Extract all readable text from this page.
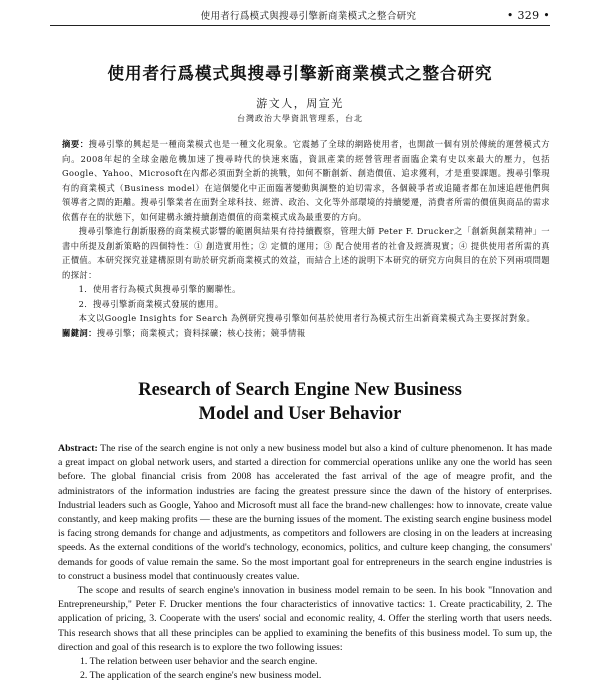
使用者行爲模式與搜尋引擎新商業模式之整合研究	• 329 •
使用者行爲模式與搜尋引擎新商業模式之整合研究
游文人，周宣光
台灣政治大學資訊管理系，台北

摘要：搜尋引擎的興起是一種商業模式也是一種文化現象。它震撼了全球的網路使用者，也開啟一個有別於傳統的運營模式方向。2008年起的全球金融危機加速了搜尋時代的快速來臨，資訊產業的經營管理者面臨企業有史以來最大的壓力，包括Google、Yahoo、Microsoft在內都必須面對全新的挑戰，如何不斷創新、創造價值、追求獲利，才是重要課題。搜尋引擎現有的商業模式（Business model）在這個變化中正面臨著變動與調整的迫切需求，各個競爭者或追隨者都在加速追趕他們與領導者之間的距離。搜尋引擎業者在面對全球科技、經濟、政治、文化等外部環境的持續變遷，消費者所需的價值與商品的需求依舊存在的狀態下，如何建構永續持續創造價值的商業模式成為最重要的方向。

搜尋引擎進行創新服務的商業模式影響的範圍與結果有待持續觀察，管理大師 Peter F. Drucker之「創新與創業精神」一書中所提及創新策略的四個特性：① 創造實用性；② 定價的運用；③ 配合使用者的社會及經濟現實；④ 提供使用者所需的真正價值。本研究探究並建構原則有助於研究新商業模式的效益，而結合上述的說明下本研究的研究方向與目的在於下列兩項問題的探討：

1．使用者行為模式與搜尋引擎的關聯性。
2．搜尋引擎新商業模式發展的應用。

本文以Google Insights for Search 為例研究搜尋引擎如何基於使用者行為模式衍生出新商業模式為主要探討對象。

關鍵詞：搜尋引擎；商業模式；資料採礦；核心技術；競爭情報

Research of Search Engine New Business
Model and User Behavior

Abstract: The rise of the search engine is not only a new business model but also a kind of culture phenomenon. It has made a great impact on global network users, and started a direction for commercial operations unlike any one the world has seen before. The global financial crisis from 2008 has accelerated the fast arrival of the age of meagre profit, and the administrators of the information industries are facing the greatest pressure since the dawn of the history of enterprises. Industrial leaders such as Google, Yahoo and Microsoft must all face the brand-new challenges: how to innovate, create value constantly, and keep making profits — these are the burning issues of the moment. The existing search engine business model is facing strong demands for change and adjustments, as competitors and followers are closing in on the leaders at increasing speeds. As the external conditions of the world's technology, economics, politics, and culture keep changing, the consumers' demands for goods of value remain the same. So the most important goal for entrepreneurs in the search engine industries is to construct a business model that continuously creates value.

The scope and results of search engine's innovation in business model remain to be seen. In his book "Innovation and Entrepreneurship," Peter F. Drucker mentions the four characteristics of innovative tactics: 1. Create practicability, 2. The application of pricing, 3. Cooperate with the users' social and economic reality, 4. Offer the sterling worth that users needs. This research shows that all these principles can be applied to examining the benefits of this business model. To sum up, the direction and goal of this research is to explore the two following issues:

1. The relation between user behavior and the search engine.
2. The application of the search engine's new business model.
